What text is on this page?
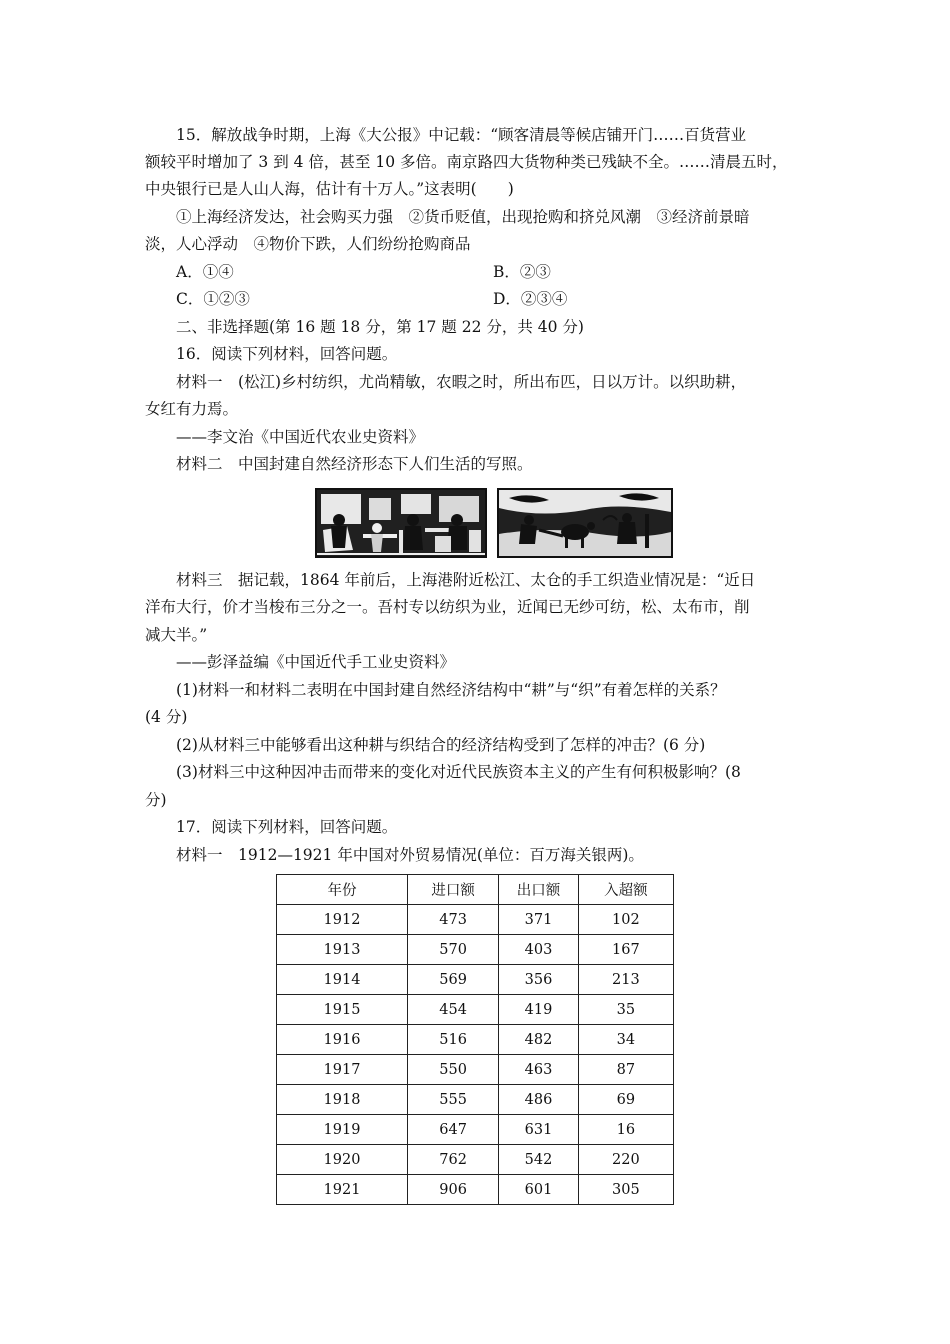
15．解放战争时期，上海《大公报》中记载：“顾客清晨等候店铺开门……百货营业
额较平时增加了 3 到 4 倍，甚至 10 多倍。南京路四大货物种类已残缺不全。……清晨五时，
中央银行已是人山人海，估计有十万人。”这表明(　　)
①上海经济发达，社会购买力强　②货币贬值，出现抢购和挤兑风潮　③经济前景暗
淡，人心浮动　④物价下跌，人们纷纷抢购商品
A．①④	B．②③
C．①②③	D．②③④
二、非选择题(第 16 题 18 分，第 17 题 22 分，共 40 分)
16．阅读下列材料，回答问题。
材料一　(松江)乡村纺织，尤尚精敏，农暇之时，所出布匹，日以万计。以织助耕，
女红有力焉。
——李文治《中国近代农业史资料》
材料二　中国封建自然经济形态下人们生活的写照。
材料三　据记载，1864 年前后，上海港附近松江、太仓的手工织造业情况是：“近日
洋布大行，价才当梭布三分之一。吾村专以纺织为业，近闻已无纱可纺，松、太布市，削
减大半。”
——彭泽益编《中国近代手工业史资料》
(1)材料一和材料二表明在中国封建自然经济结构中“耕”与“织”有着怎样的关系？
(4 分)
(2)从材料三中能够看出这种耕与织结合的经济结构受到了怎样的冲击？(6 分)
(3)材料三中这种因冲击而带来的变化对近代民族资本主义的产生有何积极影响？(8
分)
17．阅读下列材料，回答问题。
材料一　1912—1921 年中国对外贸易情况(单位：百万海关银两)。
年份	进口额	出口额	入超额
1912	473	371	102
1913	570	403	167
1914	569	356	213
1915	454	419	35
1916	516	482	34
1917	550	463	87
1918	555	486	69
1919	647	631	16
1920	762	542	220
1921	906	601	305
